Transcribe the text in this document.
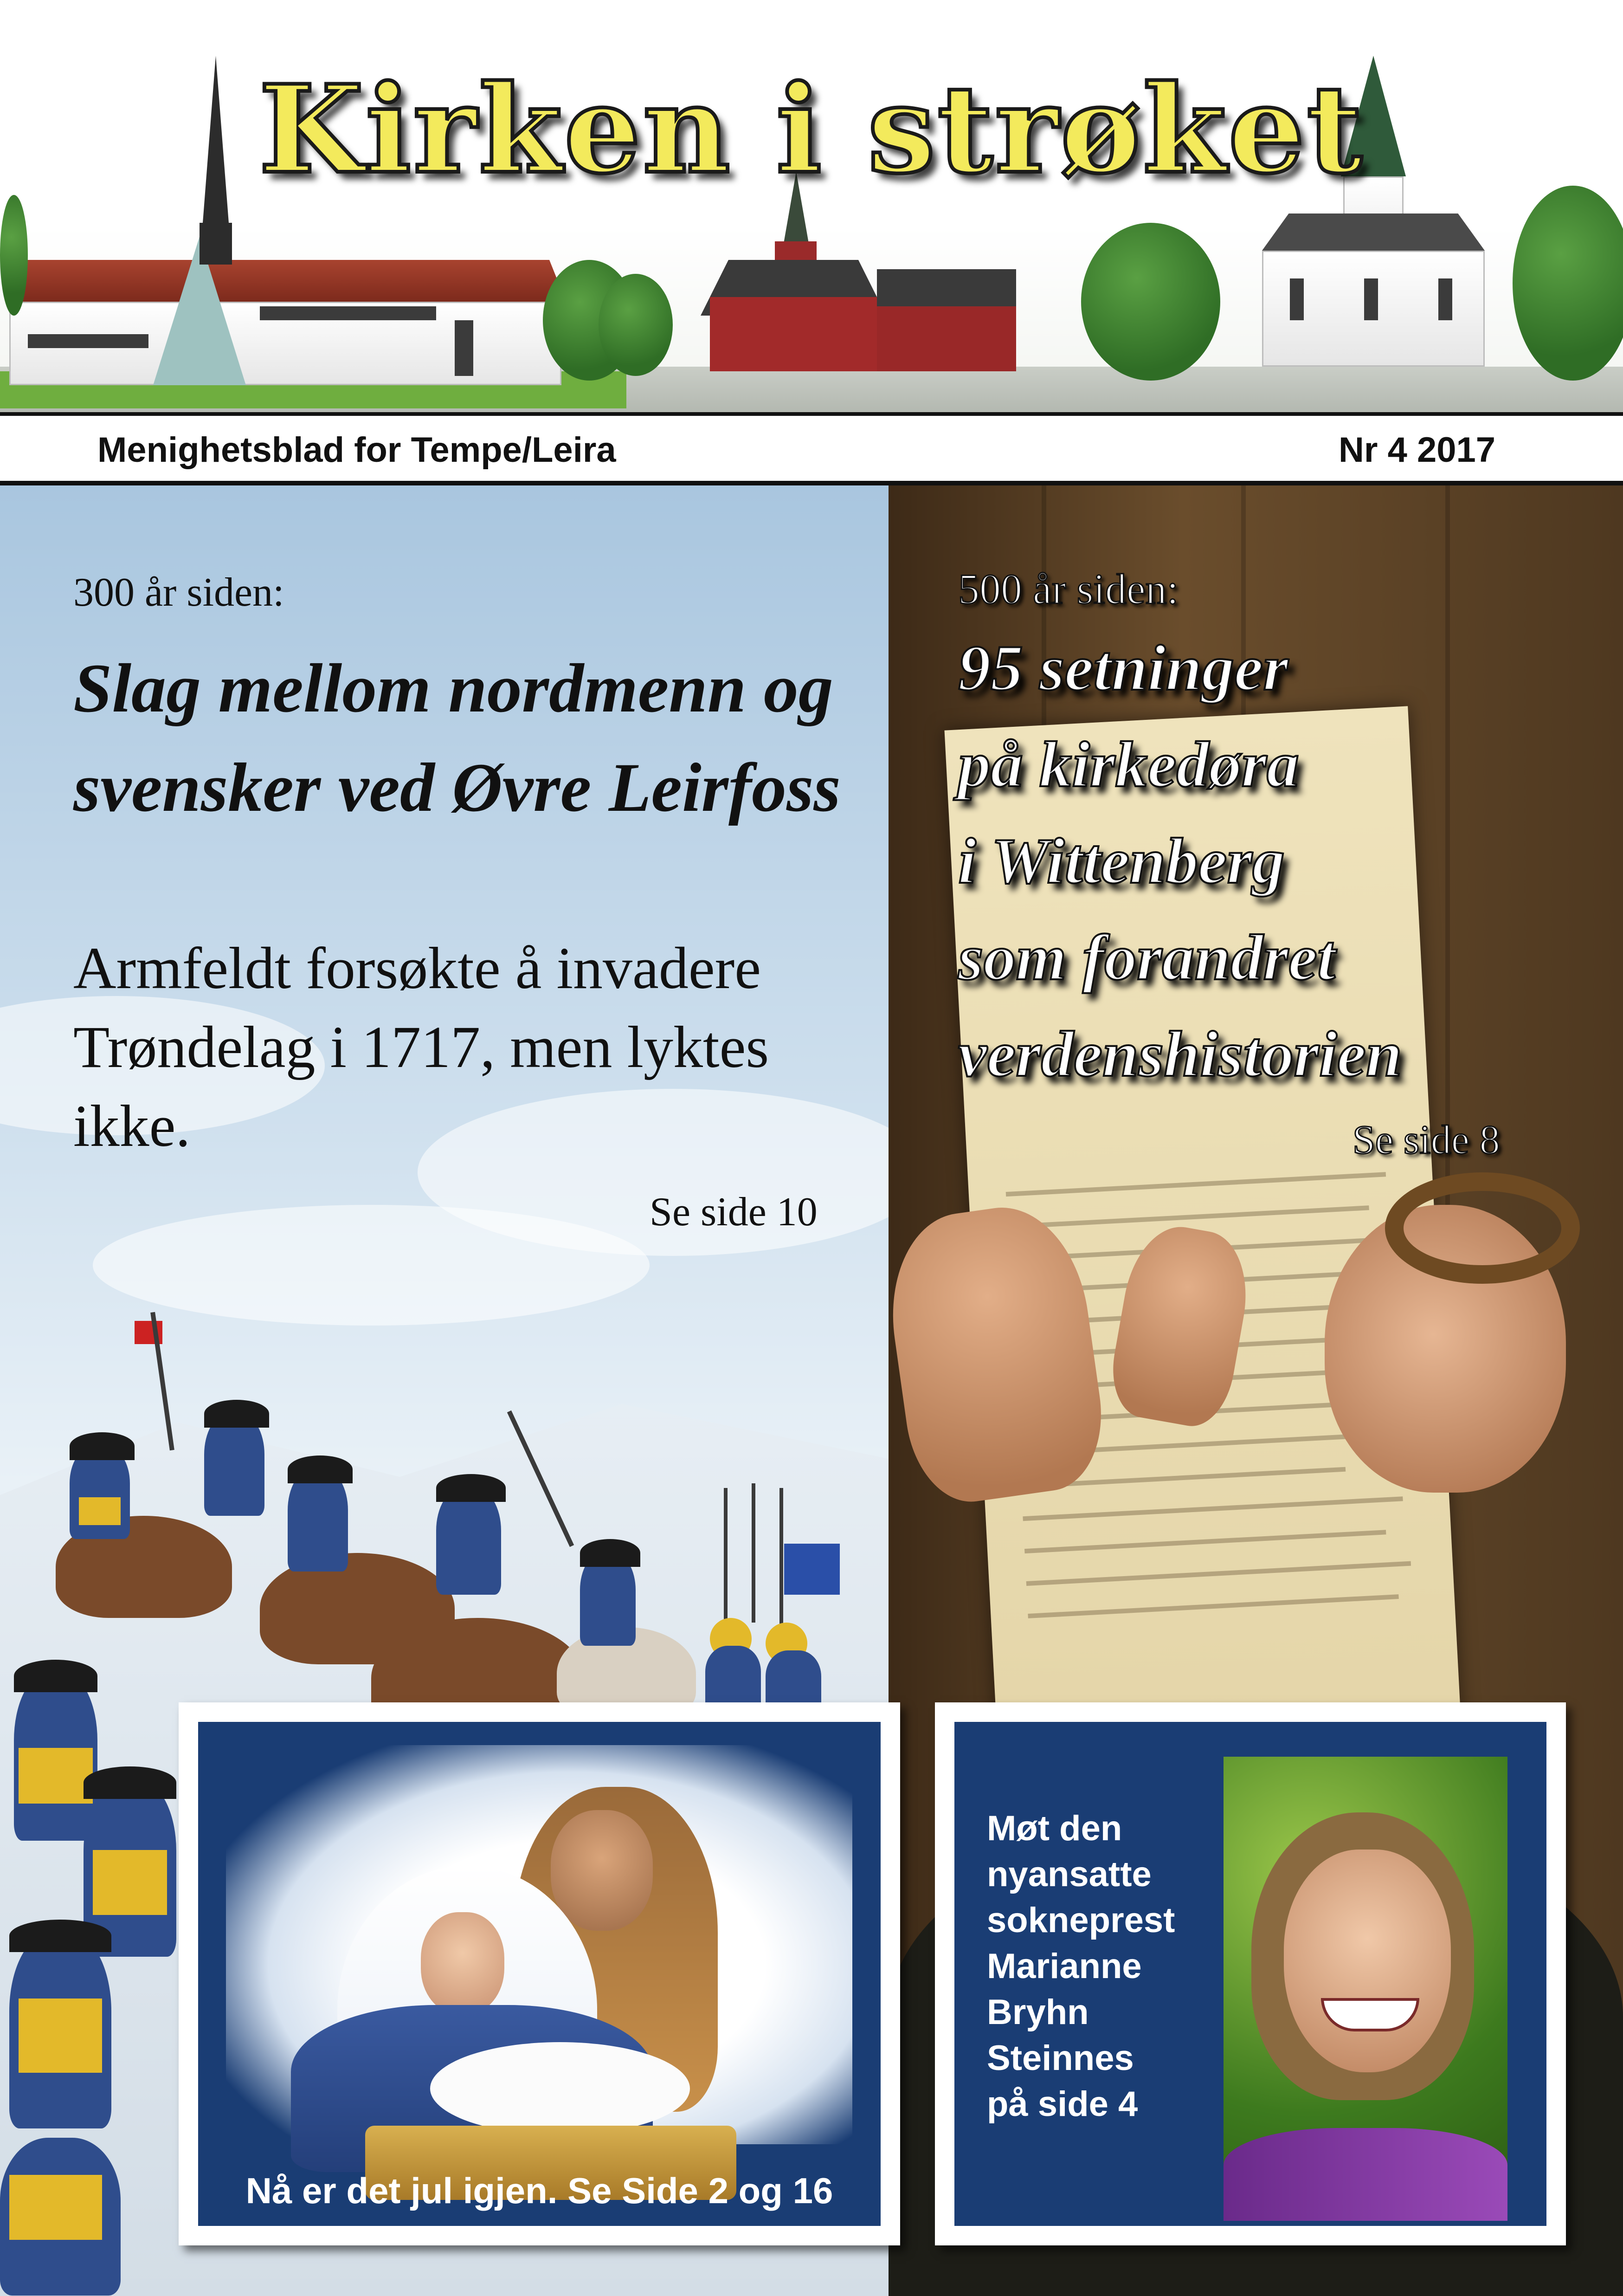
Kirken i strøket
Menighetsblad for Tempe/Leira	Nr 4 2017
300 år siden:
Slag mellom nordmenn og svensker ved Øvre Leirfoss
Armfeldt forsøkte å invadere Trøndelag i 1717, men lyktes ikke.
Se side 10
500 år siden:
95 setninger
på kirkedøra
i Wittenberg
som forandret
verdenshistorien
Se side 8
Nå er det jul igjen. Se Side 2 og 16
Møt den
nyansatte
sokneprest
Marianne
Bryhn
Steinnes
på side 4
